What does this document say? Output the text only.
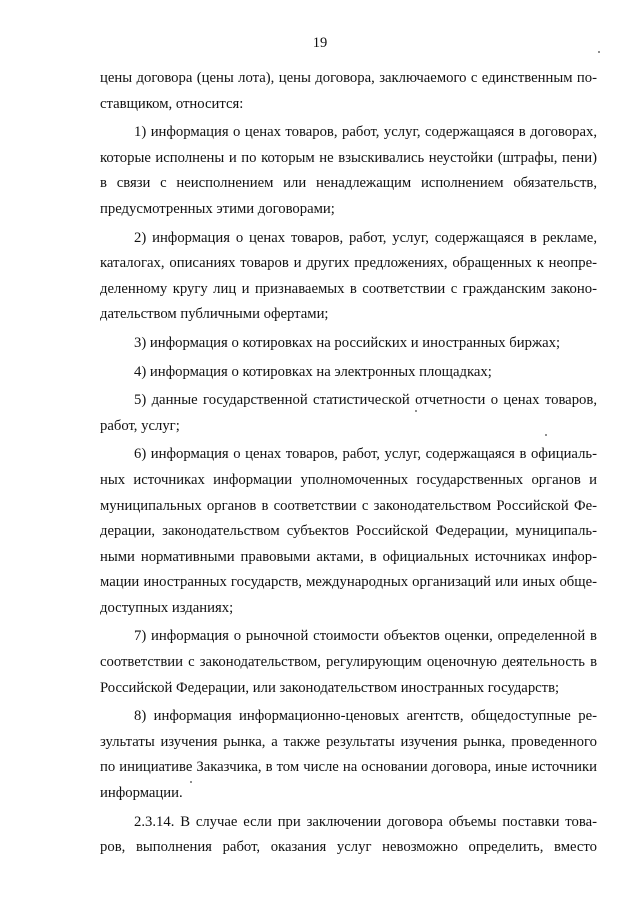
19
цены договора (цены лота), цены договора, заключаемого с единственным по-
ставщиком, относится:
1) информация о ценах товаров, работ, услуг, содержащаяся в договорах,
которые исполнены и по которым не взыскивались неустойки (штрафы, пени)
в связи с неисполнением или ненадлежащим исполнением обязательств,
предусмотренных этими договорами;
2) информация о ценах товаров, работ, услуг, содержащаяся в рекламе,
каталогах, описаниях товаров и других предложениях, обращенных к неопре-
деленному кругу лиц и признаваемых в соответствии с гражданским законо-
дательством публичными офертами;
3) информация о котировках на российских и иностранных биржах;
4) информация о котировках на электронных площадках;
5) данные государственной статистической отчетности о ценах товаров,
работ, услуг;
6) информация о ценах товаров, работ, услуг, содержащаяся в официаль-
ных источниках информации уполномоченных государственных органов и
муниципальных органов в соответствии с законодательством Российской Фе-
дерации, законодательством субъектов Российской Федерации, муниципаль-
ными нормативными правовыми актами, в официальных источниках инфор-
мации иностранных государств, международных организаций или иных обще-
доступных изданиях;
7) информация о рыночной стоимости объектов оценки, определенной в
соответствии с законодательством, регулирующим оценочную деятельность в
Российской Федерации, или законодательством иностранных государств;
8) информация информационно-ценовых агентств, общедоступные ре-
зультаты изучения рынка, а также результаты изучения рынка, проведенного
по инициативе Заказчика, в том числе на основании договора, иные источники
информации.
2.3.14. В случае если при заключении договора объемы поставки това-
ров, выполнения работ, оказания услуг невозможно определить, вместо
